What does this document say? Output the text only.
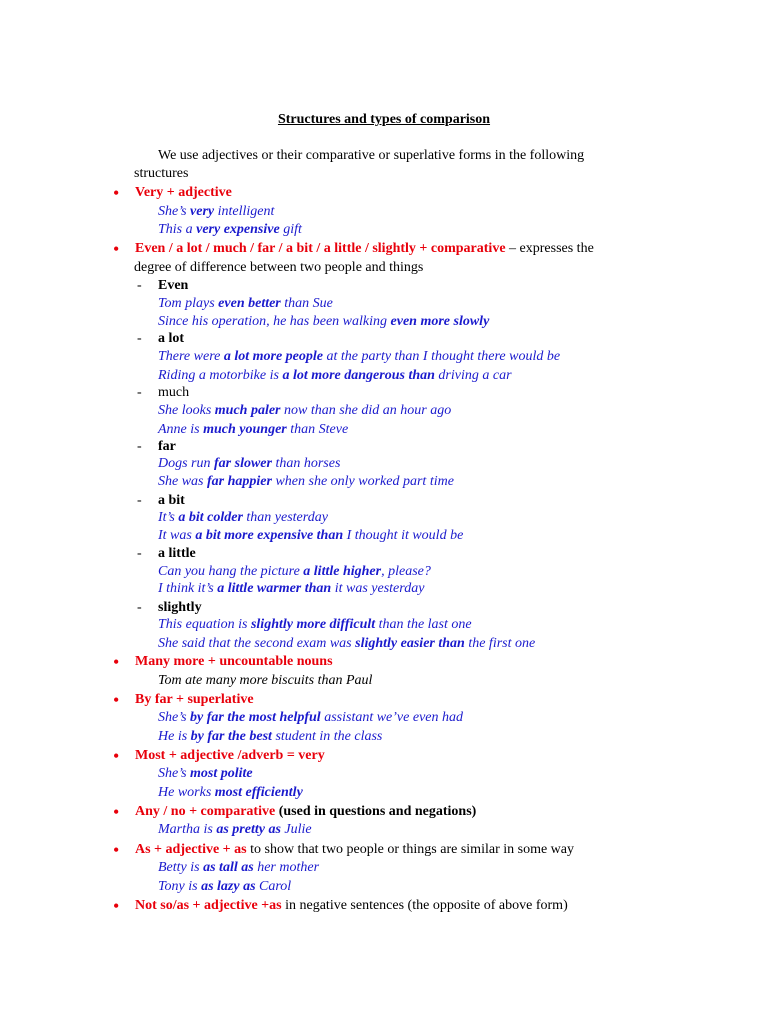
Structures and types of comparison
We use adjectives or their comparative or superlative forms in the following
structures
• Very + adjective
She’s very intelligent
This a very expensive gift
• Even / a lot / much / far / a bit / a little / slightly + comparative – expresses the
degree of difference between two people and things
- Even
Tom plays even better than Sue
Since his operation, he has been walking even more slowly
- a lot
There were a lot more people at the party than I thought there would be
Riding a motorbike is a lot more dangerous than driving a car
- much
She looks much paler now than she did an hour ago
Anne is much younger than Steve
- far
Dogs run far slower than horses
She was far happier when she only worked part time
- a bit
It’s a bit colder than yesterday
It was a bit more expensive than I thought it would be
- a little
Can you hang the picture a little higher, please?
I think it’s a little warmer than it was yesterday
- slightly
This equation is slightly more difficult than the last one
She said that the second exam was slightly easier than the first one
• Many more + uncountable nouns
Tom ate many more biscuits than Paul
• By far + superlative
She’s by far the most helpful assistant we’ve even had
He is by far the best student in the class
• Most + adjective /adverb = very
She’s most polite
He works most efficiently
• Any / no + comparative (used in questions and negations)
Martha is as pretty as Julie
• As + adjective + as to show that two people or things are similar in some way
Betty is as tall as her mother
Tony is as lazy as Carol
• Not so/as + adjective +as in negative sentences (the opposite of above form)
